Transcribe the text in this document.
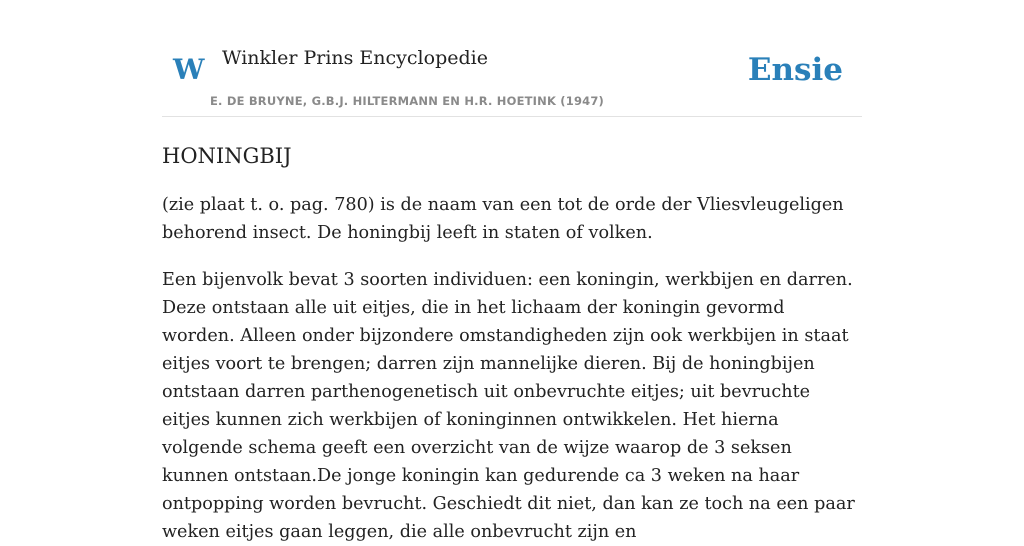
W Winkler Prins Encyclopedie
E. DE BRUYNE, G.B.J. HILTERMANN EN H.R. HOETINK (1947)
Ensie
HONINGBIJ

(zie plaat t. o. pag. 780) is de naam van een tot de orde der Vliesvleugeligen behorend insect. De honingbij leeft in staten of volken.

Een bijenvolk bevat 3 soorten individuen: een koningin, werkbijen en darren. Deze ontstaan alle uit eitjes, die in het lichaam der koningin gevormd worden. Alleen onder bijzondere omstandigheden zijn ook werkbijen in staat eitjes voort te brengen; darren zijn mannelijke dieren. Bij de honingbijen ontstaan darren parthenogenetisch uit onbevruchte eitjes; uit bevruchte eitjes kunnen zich werkbijen of koninginnen ontwikkelen. Het hierna volgende schema geeft een overzicht van de wijze waarop de 3 seksen kunnen ontstaan.De jonge koningin kan gedurende ca 3 weken na haar ontpopping worden bevrucht. Geschiedt dit niet, dan kan ze toch na een paar weken eitjes gaan leggen, die alle onbevrucht zijn en
